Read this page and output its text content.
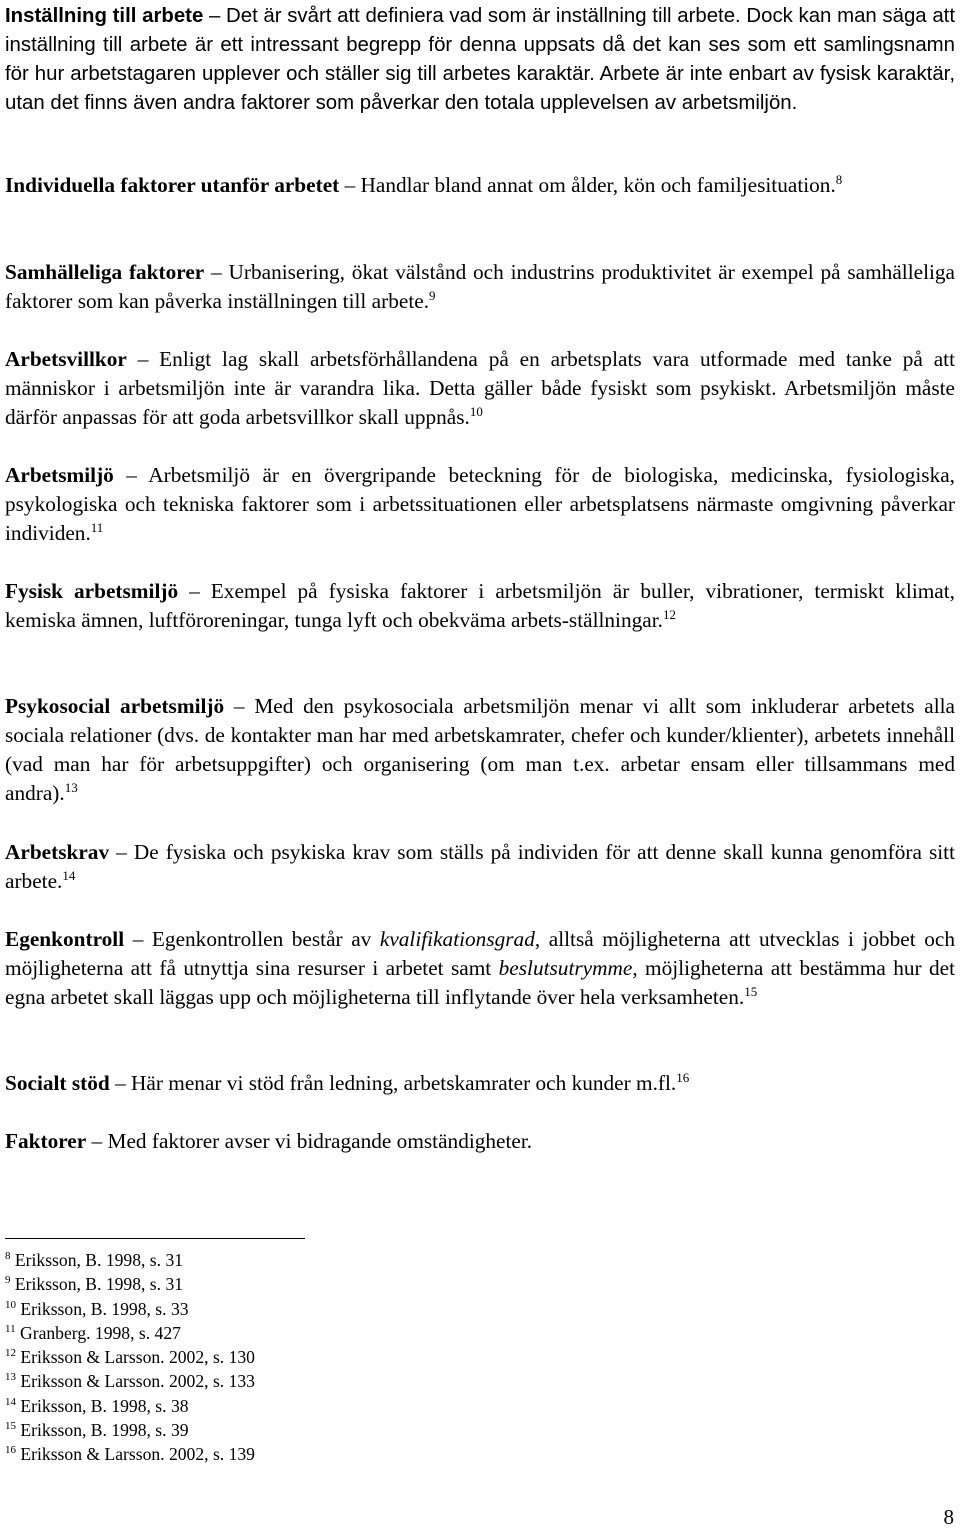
Inställning till arbete – Det är svårt att definiera vad som är inställning till arbete. Dock kan man säga att inställning till arbete är ett intressant begrepp för denna uppsats då det kan ses som ett samlingsnamn för hur arbetstagaren upplever och ställer sig till arbetes karaktär. Arbete är inte enbart av fysisk karaktär, utan det finns även andra faktorer som påverkar den totala upplevelsen av arbetsmiljön.

Individuella faktorer utanför arbetet – Handlar bland annat om ålder, kön och familjesituation.$^8$

Samhälleliga faktorer – Urbanisering, ökat välstånd och industrins produktivitet är exempel på samhälleliga faktorer som kan påverka inställningen till arbete.$^9$

Arbetsvillkor – Enligt lag skall arbetsförhållandena på en arbetsplats vara utformade med tanke på att människor i arbetsmiljön inte är varandra lika. Detta gäller både fysiskt som psykiskt. Arbetsmiljön måste därför anpassas för att goda arbetsvillkor skall uppnås.$^{10}$

Arbetsmiljö – Arbetsmiljö är en övergripande beteckning för de biologiska, medicinska, fysiologiska, psykologiska och tekniska faktorer som i arbetssituationen eller arbetsplatsens närmaste omgivning påverkar individen.$^{11}$

Fysisk arbetsmiljö – Exempel på fysiska faktorer i arbetsmiljön är buller, vibrationer, termiskt klimat, kemiska ämnen, luftföroreningar, tunga lyft och obekväma arbets-ställningar.$^{12}$

Psykosocial arbetsmiljö – Med den psykosociala arbetsmiljön menar vi allt som inkluderar arbetets alla sociala relationer (dvs. de kontakter man har med arbetskamrater, chefer och kunder/klienter), arbetets innehåll (vad man har för arbetsuppgifter) och organisering (om man t.ex. arbetar ensam eller tillsammans med andra).$^{13}$

Arbetskrav – De fysiska och psykiska krav som ställs på individen för att denne skall kunna genomföra sitt arbete.$^{14}$

Egenkontroll – Egenkontrollen består av kvalifikationsgrad, alltså möjligheterna att utvecklas i jobbet och möjligheterna att få utnyttja sina resurser i arbetet samt beslutsutrymme, möjligheterna att bestämma hur det egna arbetet skall läggas upp och möjligheterna till inflytande över hela verksamheten.$^{15}$

Socialt stöd – Här menar vi stöd från ledning, arbetskamrater och kunder m.fl.$^{16}$

Faktorer – Med faktorer avser vi bidragande omständigheter.

$^8$ Eriksson, B. 1998, s. 31
$^9$ Eriksson, B. 1998, s. 31
$^{10}$ Eriksson, B. 1998, s. 33
$^{11}$ Granberg. 1998, s. 427
$^{12}$ Eriksson & Larsson. 2002, s. 130
$^{13}$ Eriksson & Larsson. 2002, s. 133
$^{14}$ Eriksson, B. 1998, s. 38
$^{15}$ Eriksson, B. 1998, s. 39
$^{16}$ Eriksson & Larsson. 2002, s. 139
8
